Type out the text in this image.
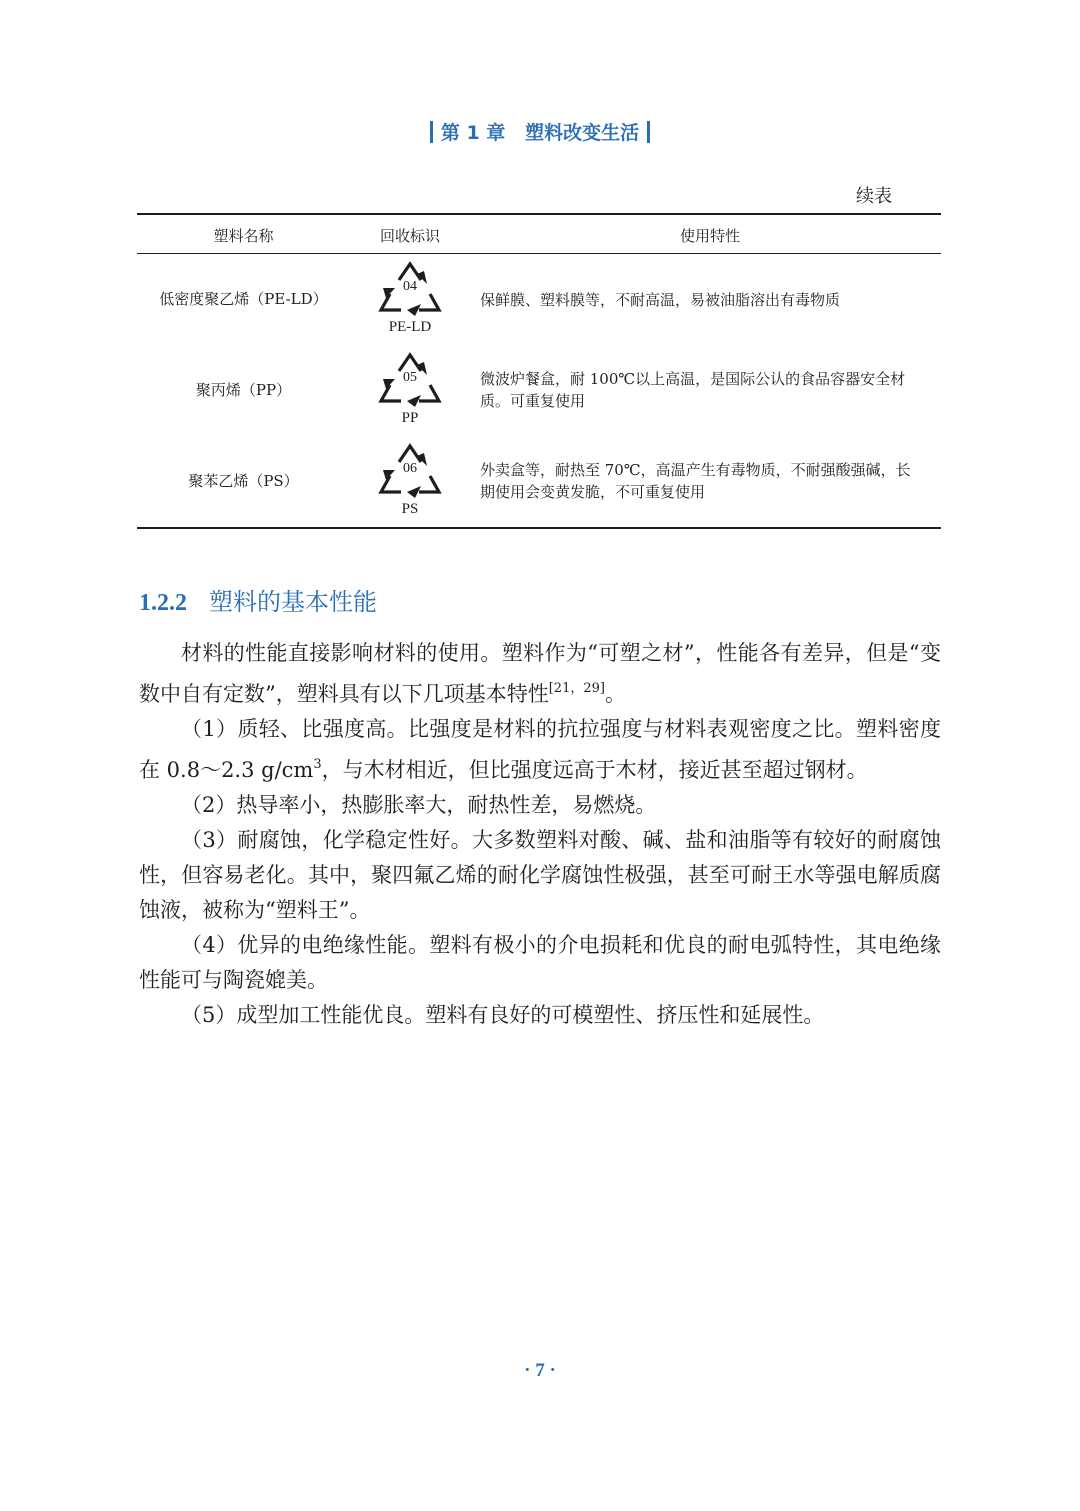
第 1 章 塑料改变生活
续表
塑料名称	回收标识	使用特性
低密度聚乙烯（PE-LD）
04
PE-LD
保鲜膜、塑料膜等，不耐高温，易被油脂溶出有毒物质
聚丙烯（PP）
05
PP
微波炉餐盒，耐 100℃以上高温，是国际公认的食品容器安全材
质。可重复使用
聚苯乙烯（PS）
06
PS
外卖盒等，耐热至 70℃，高温产生有毒物质，不耐强酸强碱，长
期使用会变黄发脆，不可重复使用
1.2.2 塑料的基本性能

材料的性能直接影响材料的使用。塑料作为“可塑之材”，性能各有差异，但是“变数中自有定数”，塑料具有以下几项基本特性[21，29]。

（1）质轻、比强度高。比强度是材料的抗拉强度与材料表观密度之比。塑料密度在 0.8～2.3 $g/cm^3$，与木材相近，但比强度远高于木材，接近甚至超过钢材。

（2）热导率小，热膨胀率大，耐热性差，易燃烧。

（3）耐腐蚀，化学稳定性好。大多数塑料对酸、碱、盐和油脂等有较好的耐腐蚀性，但容易老化。其中，聚四氟乙烯的耐化学腐蚀性极强，甚至可耐王水等强电解质腐蚀液，被称为“塑料王”。

（4）优异的电绝缘性能。塑料有极小的介电损耗和优良的耐电弧特性，其电绝缘性能可与陶瓷媲美。

（5）成型加工性能优良。塑料有良好的可模塑性、挤压性和延展性。

· 7 ·
